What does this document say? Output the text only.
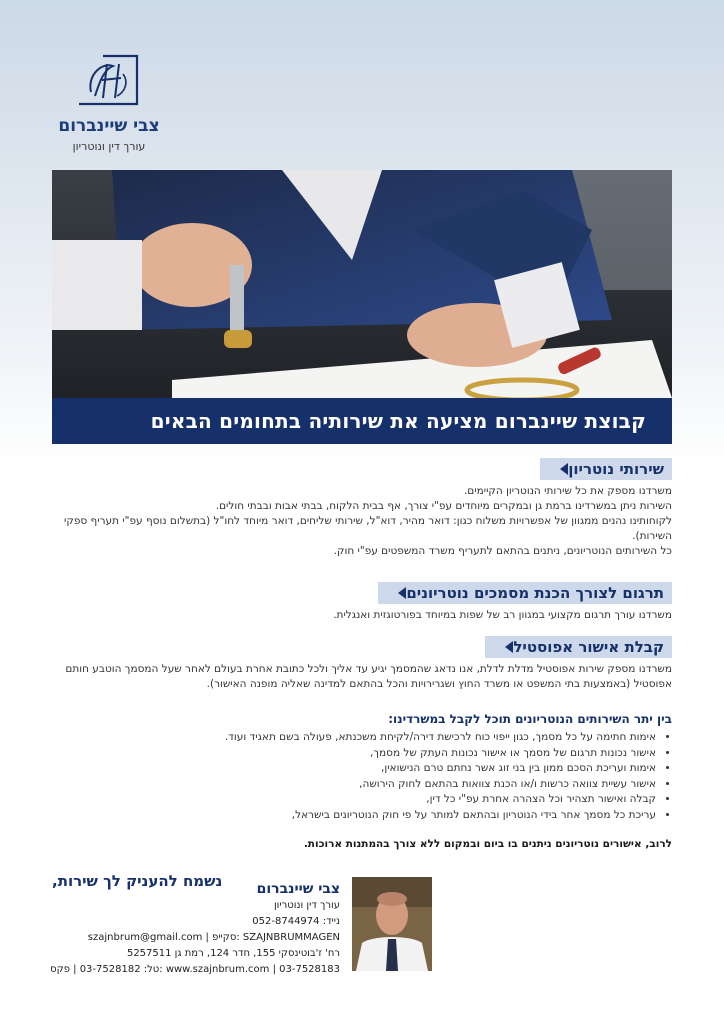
צבי שיינברום
עורך דין ונוטריון
קבוצת שיינברום מציעה את שירותיה בתחומים הבאים
שירותי נוטריון

משרדנו מספק את כל שירותי הנוטריון הקיימים.

השירות ניתן במשרדינו ברמת גן ובמקרים מיוחדים עפ"י צורך, אף בבית הלקוח, בבתי אבות ובבתי חולים.

לקוחותינו נהנים ממגוון של אפשרויות משלוח כגון: דואר מהיר, דוא"ל, שירותי שליחים, דואר מיוחד לחו"ל (בתשלום נוסף עפ"י תעריף ספקי השירות).

כל השירותים הנוטריונים, ניתנים בהתאם לתעריף משרד המשפטים עפ"י חוק.

תרגום לצורך הכנת מסמכים נוטריונים

משרדנו עורך תרגום מקצועי במגוון רב של שפות במיוחד בפורטוגזית ואנגלית.

קבלת אישור אפוסטיל

משרדנו מספק שירות אפוסטיל מדלת לדלת, אנו נדאג שהמסמך יגיע עד אליך ולכל כתובת אחרת בעולם לאחר שעל המסמך הוטבע חותם אפוסטיל (באמצעות בתי המשפט או משרד החוץ ושגרירויות והכל בהתאם למדינה שאליה מופנה האישור).

בין יתר השירותים הנוטריונים תוכל לקבל במשרדינו:
• אימות חתימה על כל מסמך, כגון ייפוי כוח לרכישת דירה/לקיחת משכנתא, פעולה בשם תאגיד ועוד.
• אישור נכונות תרגום של מסמך או אישור נכונות העתק של מסמך,
• אימות ועריכת הסכם ממון בין בני זוג אשר נחתם טרם הנישואין,
• אישור עשיית צוואה כרשות ו/או הכנת צוואות בהתאם לחוק הירושה,
• קבלה ואישור תצהיר וכל הצהרה אחרת עפ"י כל דין,
• עריכת כל מסמך אחר בידי הנוטריון ובהתאם למותר על פי חוק הנוטריונים בישראל,
לרוב, אישורים נוטריונים ניתנים בו ביום ובמקום ללא צורך בהמתנות ארוכות.
נשמח להעניק לך שירות,	צבי שיינברום
עורך דין ונוטריון
נייד: 052-8744974
SZAJNBRUMMAGEN :סקייפ | szajnbrum@gmail.com
רח' ז'בוטינסקי 155, חדר 124, רמת גן 5257511
www.szajnbrum.com | 03-7528183 :טל: 03-7528182 | פקס
